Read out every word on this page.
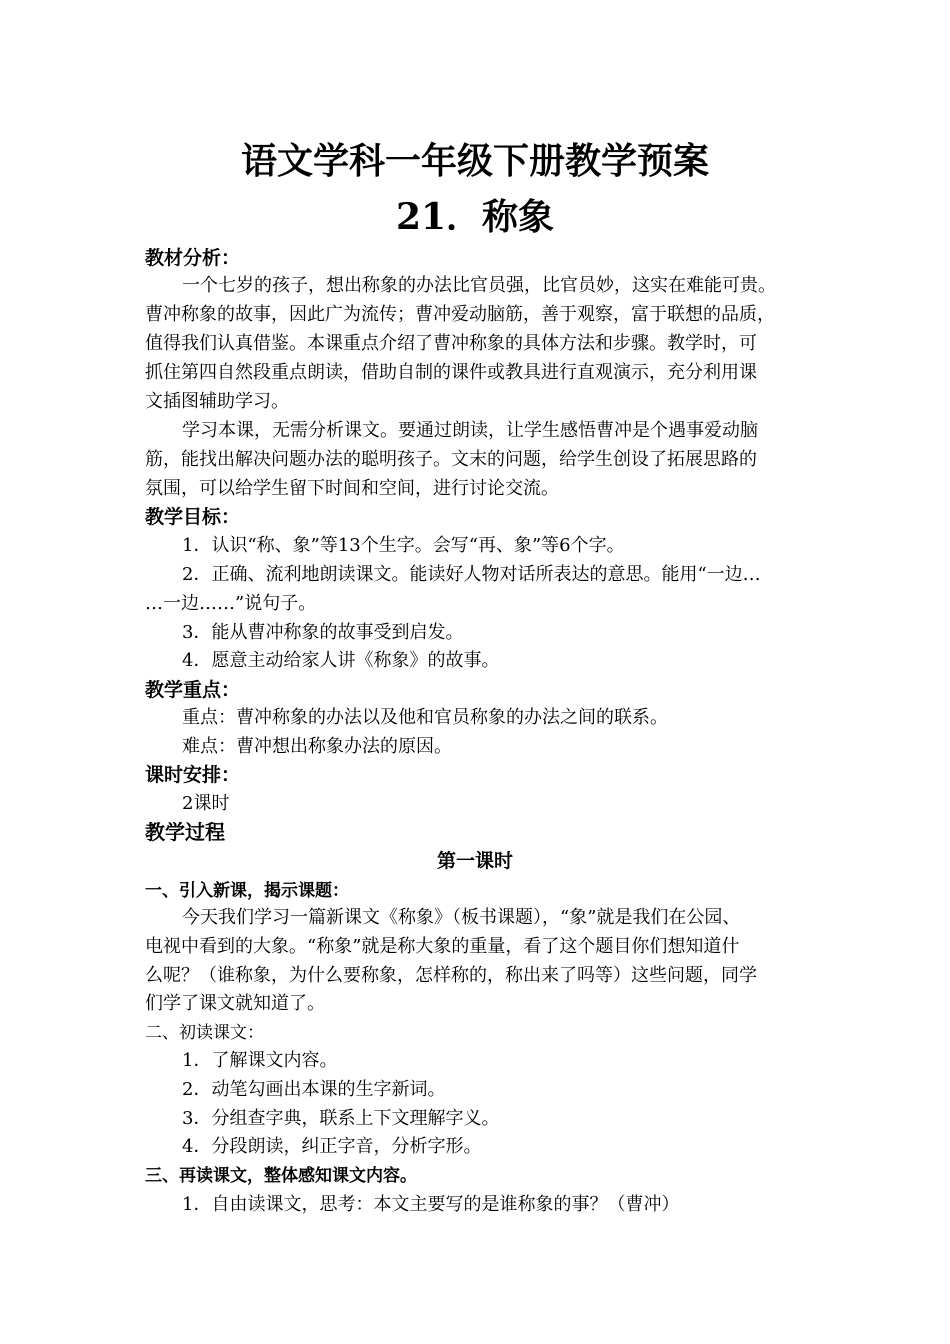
语文学科一年级下册教学预案
21．称象
教材分析：
一个七岁的孩子，想出称象的办法比官员强，比官员妙，这实在难能可贵。
曹冲称象的故事，因此广为流传；曹冲爱动脑筋，善于观察，富于联想的品质，
值得我们认真借鉴。本课重点介绍了曹冲称象的具体方法和步骤。教学时，可
抓住第四自然段重点朗读，借助自制的课件或教具进行直观演示，充分利用课
文插图辅助学习。
学习本课，无需分析课文。要通过朗读，让学生感悟曹冲是个遇事爱动脑
筋，能找出解决问题办法的聪明孩子。文末的问题，给学生创设了拓展思路的
氛围，可以给学生留下时间和空间，进行讨论交流。
教学目标：
1．认识“称、象”等13个生字。会写“再、象”等6个字。
2．正确、流利地朗读课文。能读好人物对话所表达的意思。能用“一边…
…一边……”说句子。
3．能从曹冲称象的故事受到启发。
4．愿意主动给家人讲《称象》的故事。
教学重点：
重点：曹冲称象的办法以及他和官员称象的办法之间的联系。
难点：曹冲想出称象办法的原因。
课时安排：
2课时
教学过程
第一课时
一、引入新课，揭示课题：
今天我们学习一篇新课文《称象》（板书课题），“象”就是我们在公园、
电视中看到的大象。“称象”就是称大象的重量，看了这个题目你们想知道什
么呢？（谁称象，为什么要称象，怎样称的，称出来了吗等）这些问题，同学
们学了课文就知道了。
二、初读课文：
1．了解课文内容。
2．动笔勾画出本课的生字新词。
3．分组查字典，联系上下文理解字义。
4．分段朗读，纠正字音，分析字形。
三、再读课文，整体感知课文内容。
1．自由读课文，思考：本文主要写的是谁称象的事？（曹冲）
